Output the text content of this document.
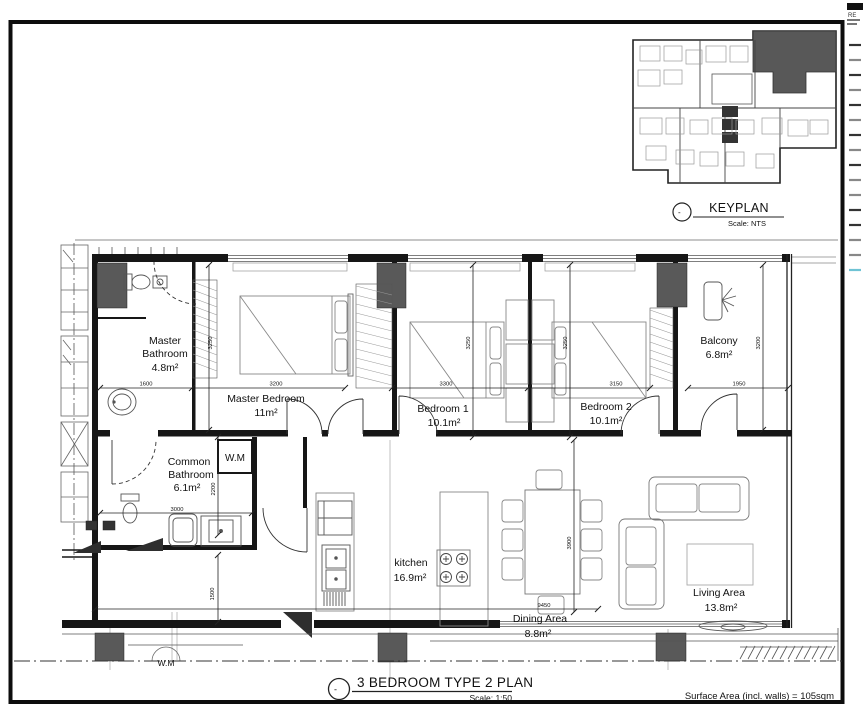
RE
- KEYPLAN
Scale: NTS
1600	3200	3300	3150	1950
3000
9450
3250	3250	3250	3200
2200
1500
3900
Master
Bathroom
4.8m²
Master Bedroom
11m²	Bedroom 1
10.1m²
Bedroom 2
10.1m²
Balcony
6.8m²
Common
Bathroom
6.1m²
W.M
kitchen
16.9m²
Dining Area
8.8m²
Living Area
13.8m²
W.M
- 3 BEDROOM TYPE 2 PLAN
Scale: 1:50	Surface Area (incl. walls) = 105sqm
